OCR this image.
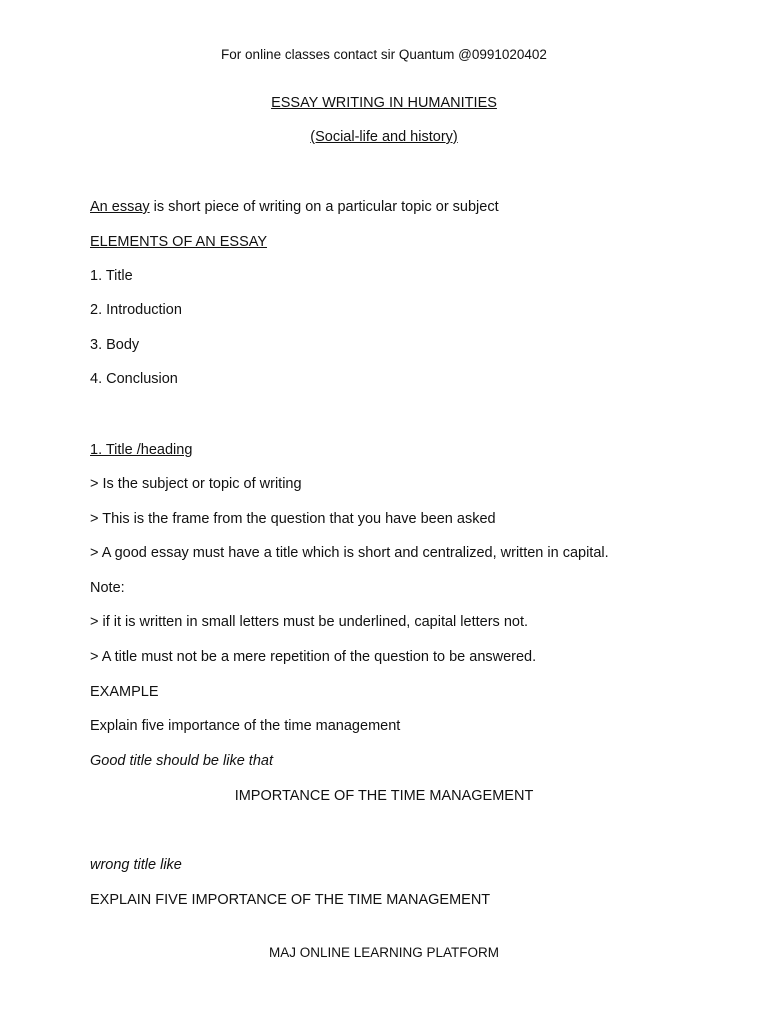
For online classes contact sir Quantum @0991020402
ESSAY WRITING IN HUMANITIES
(Social-life and history)
An essay is short piece of writing on a particular topic or subject
ELEMENTS OF AN ESSAY
1. Title
2. Introduction
3. Body
4. Conclusion
1. Title /heading
> Is the subject or topic of writing
> This is the frame from the question that you have been asked
> A good essay must have a title which is short and centralized, written in capital.
Note:
> if it is written in small letters must be underlined, capital letters not.
> A title must not be a mere repetition of the question to be answered.
EXAMPLE
Explain five importance of the time management
Good title should be like that
IMPORTANCE OF THE TIME MANAGEMENT
wrong title like
EXPLAIN FIVE IMPORTANCE OF THE TIME MANAGEMENT
MAJ ONLINE LEARNING PLATFORM
